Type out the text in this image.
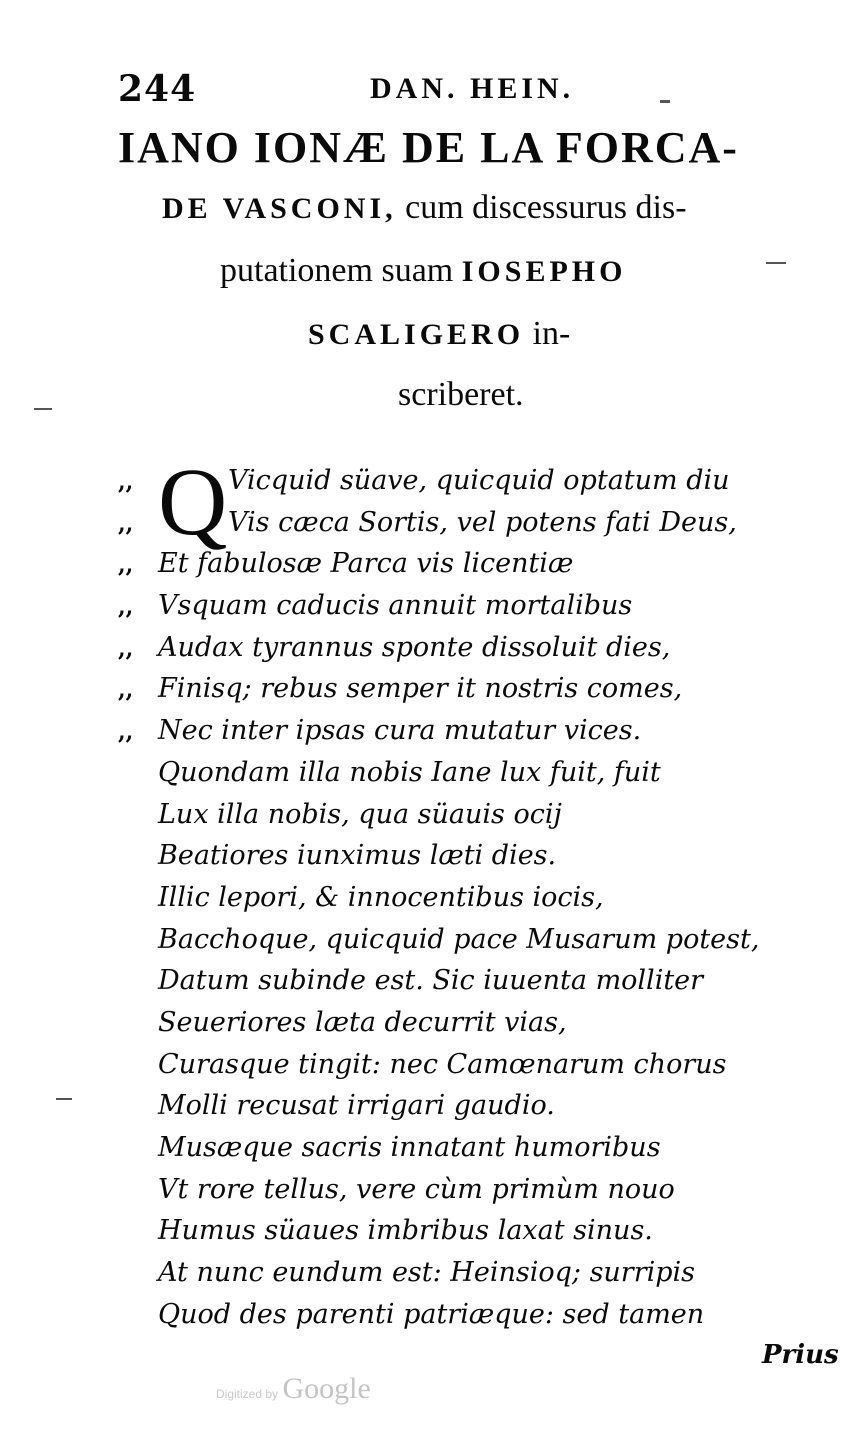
244	DAN. HEIN.
IANO IONÆ DE LA FORCA-
DE VASCONI, cum discessurus dis-
putationem suam IOSEPHO
SCALIGERO in-
scriberet.
Q
,,	Vicquid süave, quicquid optatum diu
,,	Vis cæca Sortis, vel potens fati Deus,
,, Et fabulosæ Parca vis licentiæ
,, Vsquam caducis annuit mortalibus
,, Audax tyrannus sponte dissoluit dies,
,, Finisq; rebus semper it nostris comes,
,, Nec inter ipsas cura mutatur vices.
Quondam illa nobis Iane lux fuit, fuit
Lux illa nobis, qua süauis ocij
Beatiores iunximus læti dies.
Illic lepori, & innocentibus iocis,
Bacchoque, quicquid pace Musarum potest,
Datum subinde est. Sic iuuenta molliter
Seueriores læta decurrit vias,
Curasque tingit: nec Camœnarum chorus
Molli recusat irrigari gaudio.
Musæque sacris innatant humoribus
Vt rore tellus, vere cùm primùm nouo
Humus süaues imbribus laxat sinus.
At nunc eundum est: Heinsioq; surripis
Quod des parenti patriæque: sed tamen
Prius
Digitized by Google
